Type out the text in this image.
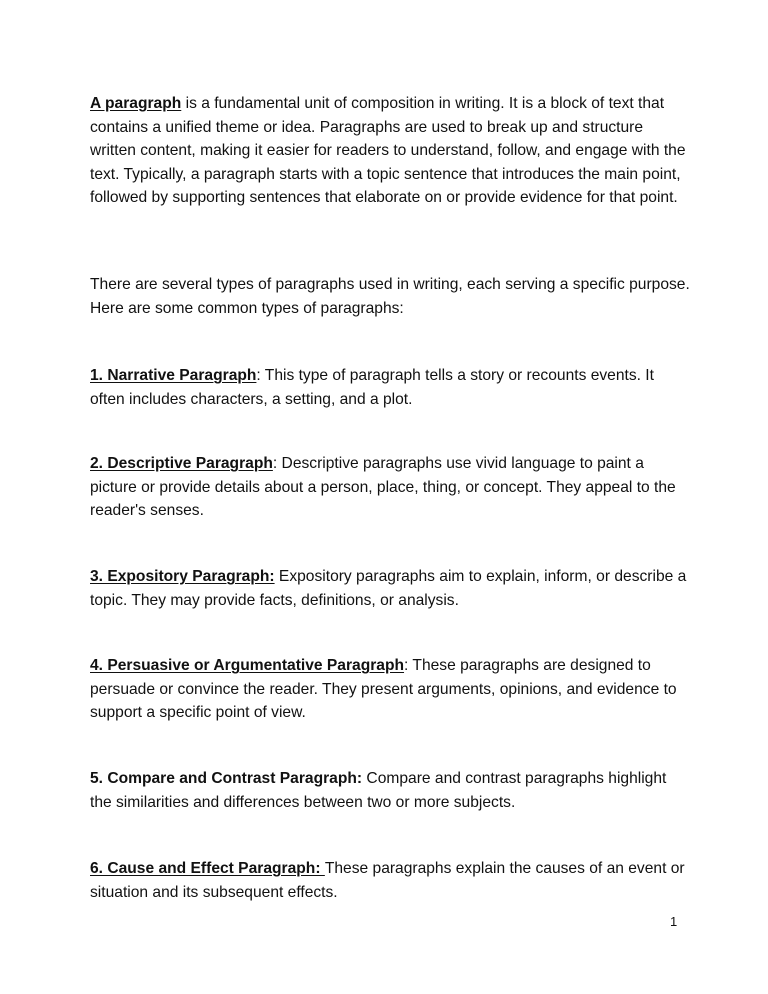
A paragraph is a fundamental unit of composition in writing. It is a block of text that contains a unified theme or idea. Paragraphs are used to break up and structure written content, making it easier for readers to understand, follow, and engage with the text. Typically, a paragraph starts with a topic sentence that introduces the main point, followed by supporting sentences that elaborate on or provide evidence for that point.

There are several types of paragraphs used in writing, each serving a specific purpose. Here are some common types of paragraphs:

1. Narrative Paragraph: This type of paragraph tells a story or recounts events. It often includes characters, a setting, and a plot.

2. Descriptive Paragraph: Descriptive paragraphs use vivid language to paint a picture or provide details about a person, place, thing, or concept. They appeal to the reader's senses.

3. Expository Paragraph: Expository paragraphs aim to explain, inform, or describe a topic. They may provide facts, definitions, or analysis.

4. Persuasive or Argumentative Paragraph: These paragraphs are designed to persuade or convince the reader. They present arguments, opinions, and evidence to support a specific point of view.

5. Compare and Contrast Paragraph: Compare and contrast paragraphs highlight the similarities and differences between two or more subjects.

6. Cause and Effect Paragraph: These paragraphs explain the causes of an event or situation and its subsequent effects.

1
